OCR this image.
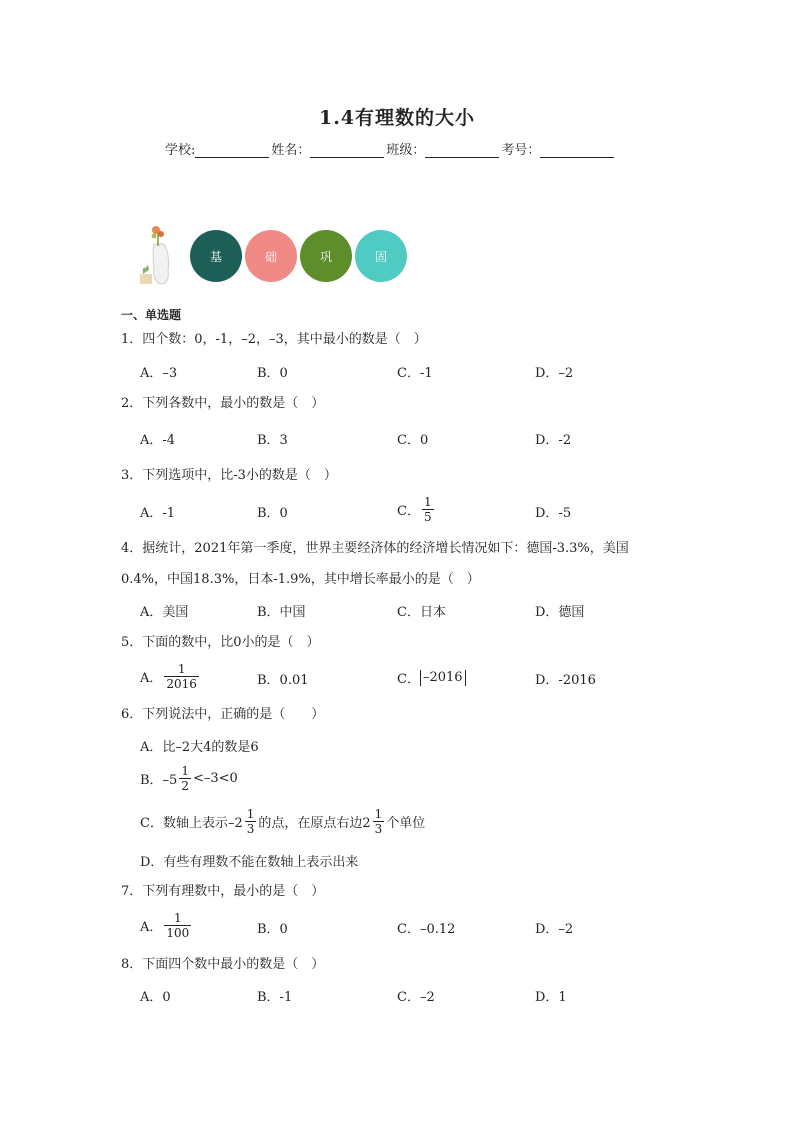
1.4有理数的大小
学校:	姓名：	班级：	考号：
基	础	巩	固
一、单选题
1．四个数：0，-1，–2，–3，其中最小的数是（　）
A．–3	B．0	C．-1	D．–2
2．下列各数中，最小的数是（　）
A．-4	B．3	C．0	D．-2
3．下列选项中，比-3小的数是（　）
A．-1	B．0	C． $\frac{1}{5}$	D．-5
4．据统计，2021年第一季度，世界主要经济体的经济增长情况如下：德国-3.3%，美国
0.4%，中国18.3%，日本-1.9%，其中增长率最小的是（　）
A．美国	B．中国	C．日本	D．德国
5．下面的数中，比0小的是（　）
A． $\frac{1}{2016}$	B．0.01	C． –2016	D．-2016
6．下列说法中，正确的是（　　）
A．比–2大4的数是6
B．$-5 \frac{1}{2} <-3<0$
C．数轴上表示$-2 \frac{1}{3}$ 的点，在原点右边$2 \frac{1}{3}$ 个单位
D．有些有理数不能在数轴上表示出来
7．下列有理数中，最小的是（　）
A． $\frac{1}{100}$	B．0	C．–0.12	D．–2
8．下面四个数中最小的数是（　）
A．0	B．-1	C．–2	D．1
